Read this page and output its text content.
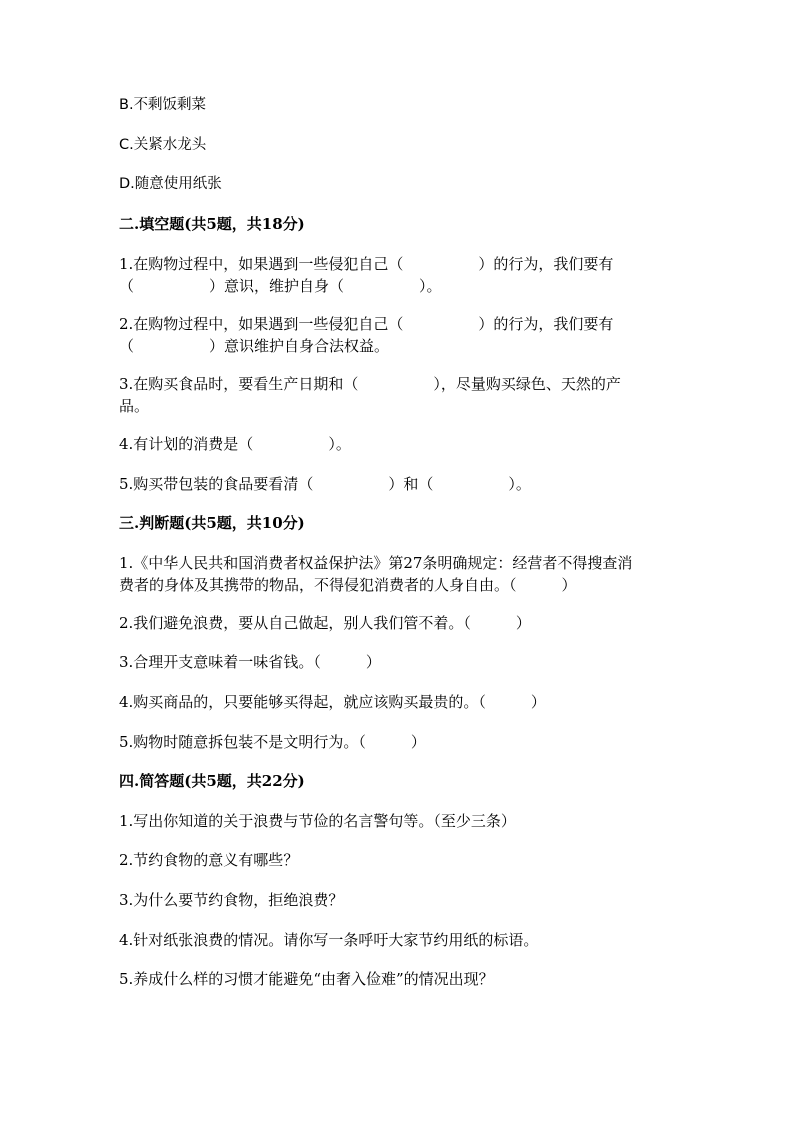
B.不剩饭剩菜
C.关紧水龙头
D.随意使用纸张
二.填空题(共5题，共18分)
1.在购物过程中，如果遇到一些侵犯自己（　　　　　）的行为，我们要有
（　　　　　）意识，维护自身（　　　　　）。
2.在购物过程中，如果遇到一些侵犯自己（　　　　　）的行为，我们要有
（　　　　　）意识维护自身合法权益。
3.在购买食品时，要看生产日期和（　　　　　），尽量购买绿色、天然的产
品。
4.有计划的消费是（　　　　　）。
5.购买带包装的食品要看清（　　　　　）和（　　　　　）。
三.判断题(共5题，共10分)
1.《中华人民共和国消费者权益保护法》第27条明确规定：经营者不得搜查消
费者的身体及其携带的物品，不得侵犯消费者的人身自由。（　　　）
2.我们避免浪费，要从自己做起，别人我们管不着。（　　　）
3.合理开支意味着一味省钱。（　　　）
4.购买商品的，只要能够买得起，就应该购买最贵的。（　　　）
5.购物时随意拆包装不是文明行为。（　　　）
四.简答题(共5题，共22分)
1.写出你知道的关于浪费与节俭的名言警句等。（至少三条）
2.节约食物的意义有哪些？
3.为什么要节约食物，拒绝浪费？
4.针对纸张浪费的情况。请你写一条呼吁大家节约用纸的标语。
5.养成什么样的习惯才能避免“由奢入俭难”的情况出现？
